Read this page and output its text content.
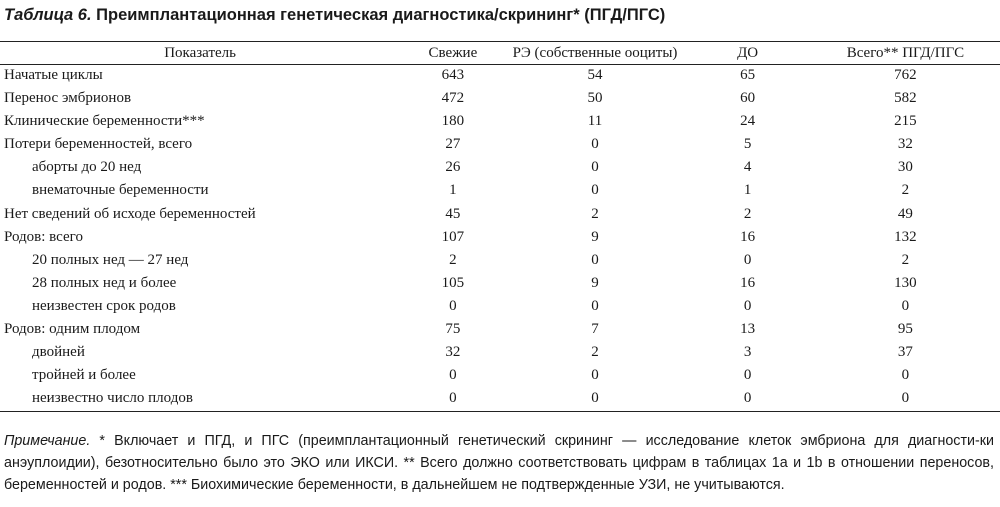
Таблица 6. Преимплантационная генетическая диагностика/скрининг* (ПГД/ПГС)
Показатель	Свежие	РЭ (собственные ооциты)	ДО	Всего** ПГД/ПГС
Начатые циклы	643	54	65	762
Перенос эмбрионов	472	50	60	582
Клинические беременности***	180	11	24	215
Потери беременностей, всего	27	0	5	32
аборты до 20 нед	26	0	4	30
внематочные беременности	1	0	1	2
Нет сведений об исходе беременностей	45	2	2	49
Родов: всего	107	9	16	132
20 полных нед — 27 нед	2	0	0	2
28 полных нед и более	105	9	16	130
неизвестен срок родов	0	0	0	0
Родов: одним плодом	75	7	13	95
двойней	32	2	3	37
тройней и более	0	0	0	0
неизвестно число плодов	0	0	0	0
Примечание. * Включает и ПГД, и ПГС (преимплантационный генетический скрининг — исследование клеток эмбриона для диагности-ки анэуплоидии), безотносительно было это ЭКО или ИКСИ. ** Всего должно соответствовать цифрам в таблицах 1а и 1b в отношении переносов, беременностей и родов. *** Биохимические беременности, в дальнейшем не подтвержденные УЗИ, не учитываются.
